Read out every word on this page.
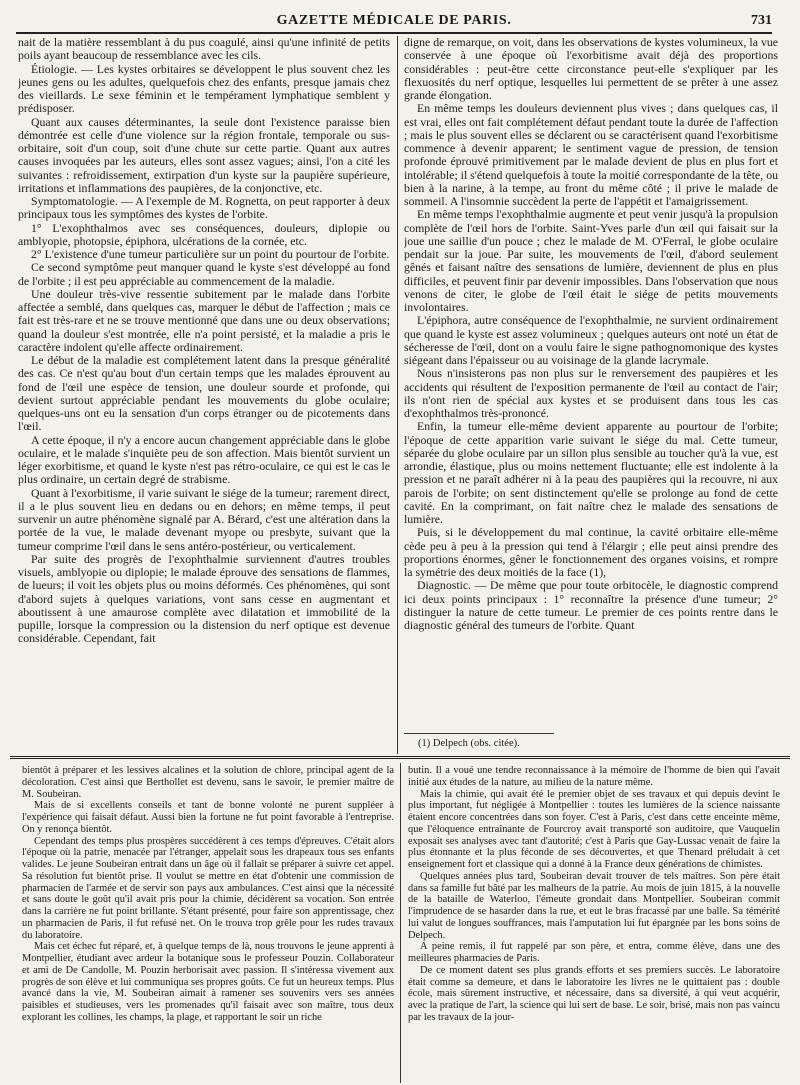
GAZETTE MÉDICALE DE PARIS.	731

nait de la matière ressemblant à du pus coagulé, ainsi qu'une infinité de petits poils ayant beaucoup de ressemblance avec les cils.

Étiologie. — Les kystes orbitaires se développent le plus souvent chez les jeunes gens ou les adultes, quelquefois chez des enfants, presque jamais chez des vieillards. Le sexe féminin et le tempérament lymphatique semblent y prédisposer.

Quant aux causes déterminantes, la seule dont l'existence paraisse bien démontrée est celle d'une violence sur la région frontale, temporale ou sus-orbitaire, soit d'un coup, soit d'une chute sur cette partie. Quant aux autres causes invoquées par les auteurs, elles sont assez vagues; ainsi, l'on a cité les suivantes : refroidissement, extirpation d'un kyste sur la paupière supérieure, irritations et inflammations des paupières, de la conjonctive, etc.

Symptomatologie. — A l'exemple de M. Rognetta, on peut rapporter à deux principaux tous les symptômes des kystes de l'orbite.

1° L'exophthalmos avec ses conséquences, douleurs, diplopie ou amblyopie, photopsie, épiphora, ulcérations de la cornée, etc.

2° L'existence d'une tumeur particulière sur un point du pourtour de l'orbite.

Ce second symptôme peut manquer quand le kyste s'est développé au fond de l'orbite ; il est peu appréciable au commencement de la maladie.

Une douleur très-vive ressentie subitement par le malade dans l'orbite affectée a semblé, dans quelques cas, marquer le début de l'affection ; mais ce fait est très-rare et ne se trouve mentionné que dans une ou deux observations; quand la douleur s'est montrée, elle n'a point persisté, et la maladie a pris le caractère indolent qu'elle affecte ordinairement.

Le début de la maladie est complétement latent dans la presque généralité des cas. Ce n'est qu'au bout d'un certain temps que les malades éprouvent au fond de l'œil une espèce de tension, une douleur sourde et profonde, qui devient surtout appréciable pendant les mouvements du globe oculaire; quelques-uns ont eu la sensation d'un corps étranger ou de picotements dans l'œil.

A cette époque, il n'y a encore aucun changement appréciable dans le globe oculaire, et le malade s'inquiète peu de son affection. Mais bientôt survient un léger exorbitisme, et quand le kyste n'est pas rétro-oculaire, ce qui est le cas le plus ordinaire, un certain degré de strabisme.

Quant à l'exorbitisme, il varie suivant le siége de la tumeur; rarement direct, il a le plus souvent lieu en dedans ou en dehors; en même temps, il peut survenir un autre phénomène signalé par A. Bérard, c'est une altération dans la portée de la vue, le malade devenant myope ou presbyte, suivant que la tumeur comprime l'œil dans le sens antéro-postérieur, ou verticalement.

Par suite des progrès de l'exophthalmie surviennent d'autres troubles visuels, amblyopie ou diplopie; le malade éprouve des sensations de flammes, de lueurs; il voit les objets plus ou moins déformés. Ces phénomènes, qui sont d'abord sujets à quelques variations, vont sans cesse en augmentant et aboutissent à une amaurose complète avec dilatation et immobilité de la pupille, lorsque la compression ou la distension du nerf optique est devenue considérable. Cependant, fait

digne de remarque, on voit, dans les observations de kystes volumineux, la vue conservée à une époque où l'exorbitisme avait déjà des proportions considérables : peut-être cette circonstance peut-elle s'expliquer par les flexuosités du nerf optique, lesquelles lui permettent de se prêter à une assez grande élongation.

En même temps les douleurs deviennent plus vives ; dans quelques cas, il est vrai, elles ont fait complétement défaut pendant toute la durée de l'affection ; mais le plus souvent elles se déclarent ou se caractérisent quand l'exorbitisme commence à devenir apparent; le sentiment vague de pression, de tension profonde éprouvé primitivement par le malade devient de plus en plus fort et intolérable; il s'étend quelquefois à toute la moitié correspondante de la tête, ou bien à la narine, à la tempe, au front du même côté ; il prive le malade de sommeil. A l'insomnie succèdent la perte de l'appétit et l'amaigrissement.

En même temps l'exophthalmie augmente et peut venir jusqu'à la propulsion complète de l'œil hors de l'orbite. Saint-Yves parle d'un œil qui faisait sur la joue une saillie d'un pouce ; chez le malade de M. O'Ferral, le globe oculaire pendait sur la joue. Par suite, les mouvements de l'œil, d'abord seulement gênés et faisant naître des sensations de lumière, deviennent de plus en plus difficiles, et peuvent finir par devenir impossibles. Dans l'observation que nous venons de citer, le globe de l'œil était le siége de petits mouvements involontaires.

L'épiphora, autre conséquence de l'exophthalmie, ne survient ordinairement que quand le kyste est assez volumineux ; quelques auteurs ont noté un état de sécheresse de l'œil, dont on a voulu faire le signe pathognomonique des kystes siégeant dans l'épaisseur ou au voisinage de la glande lacrymale.

Nous n'insisterons pas non plus sur le renversement des paupières et les accidents qui résultent de l'exposition permanente de l'œil au contact de l'air; ils n'ont rien de spécial aux kystes et se produisent dans tous les cas d'exophthalmos très-prononcé.

Enfin, la tumeur elle-même devient apparente au pourtour de l'orbite; l'époque de cette apparition varie suivant le siége du mal. Cette tumeur, séparée du globe oculaire par un sillon plus sensible au toucher qu'à la vue, est arrondie, élastique, plus ou moins nettement fluctuante; elle est indolente à la pression et ne paraît adhérer ni à la peau des paupières qui la recouvre, ni aux parois de l'orbite; on sent distinctement qu'elle se prolonge au fond de cette cavité. En la comprimant, on fait naître chez le malade des sensations de lumière.

Puis, si le développement du mal continue, la cavité orbitaire elle-même cède peu à peu à la pression qui tend à l'élargir ; elle peut ainsi prendre des proportions énormes, gêner le fonctionnement des organes voisins, et rompre la symétrie des deux moitiés de la face (1),

Diagnostic. — De même que pour toute orbitocèle, le diagnostic comprend ici deux points principaux : 1° reconnaître la présence d'une tumeur; 2° distinguer la nature de cette tumeur. Le premier de ces points rentre dans le diagnostic général des tumeurs de l'orbite. Quant

(1) Delpech (obs. citée).

bientôt à préparer et les lessives alcalines et la solution de chlore, principal agent de la décoloration. C'est ainsi que Berthollet est devenu, sans le savoir, le premier maître de M. Soubeiran.

Mais de si excellents conseils et tant de bonne volonté ne purent suppléer à l'expérience qui faisait défaut. Aussi bien la fortune ne fut point favorable à l'entreprise. On y renonça bientôt.

Cependant des temps plus prospères succédèrent à ces temps d'épreuves. C'était alors l'époque où la patrie, menacée par l'étranger, appelait sous les drapeaux tous ses enfants valides. Le jeune Soubeiran entrait dans un âge où il fallait se préparer à suivre cet appel. Sa résolution fut bientôt prise. Il voulut se mettre en état d'obtenir une commission de pharmacien de l'armée et de servir son pays aux ambulances. C'est ainsi que la nécessité et sans doute le goût qu'il avait pris pour la chimie, décidèrent sa vocation. Son entrée dans la carrière ne fut point brillante. S'étant présenté, pour faire son apprentissage, chez un pharmacien de Paris, il fut refusé net. On le trouva trop grêle pour les rudes travaux du laboratoire.

Mais cet échec fut réparé, et, à quelque temps de là, nous trouvons le jeune apprenti à Montpellier, étudiant avec ardeur la botanique sous le professeur Pouzin. Collaborateur et ami de De Candolle, M. Pouzin herborisait avec passion. Il s'intéressa vivement aux progrès de son élève et lui communiqua ses propres goûts. Ce fut un heureux temps. Plus avancé dans la vie, M. Soubeiran aimait à ramener ses souvenirs vers ses années paisibles et studieuses, vers les promenades qu'il faisait avec son maître, tous deux explorant les collines, les champs, la plage, et rapportant le soir un riche

butin. Il a voué une tendre reconnaissance à la mémoire de l'homme de bien qui l'avait initié aux études de la nature, au milieu de la nature même.

Mais la chimie, qui avait été le premier objet de ses travaux et qui depuis devint le plus important, fut négligée à Montpellier : toutes les lumières de la science naissante étaient encore concentrées dans son foyer. C'est à Paris, c'est dans cette enceinte même, que l'éloquence entraînante de Fourcroy avait transporté son auditoire, que Vauquelin exposait ses analyses avec tant d'autorité; c'est à Paris que Gay-Lussac venait de faire la plus étonnante et la plus féconde de ses découvertes, et que Thenard préludait à cet enseignement fort et classique qui a donné à la France deux générations de chimistes.

Quelques années plus tard, Soubeiran devait trouver de tels maîtres. Son père était dans sa famille fut bâté par les malheurs de la patrie. Au mois de juin 1815, à la nouvelle de la bataille de Waterloo, l'émeute grondait dans Montpellier. Soubeiran commit l'imprudence de se hasarder dans la rue, et eut le bras fracassé par une balle. Sa témérité lui valut de longues souffrances, mais l'amputation lui fut épargnée par les bons soins de Delpech.

A peine remis, il fut rappelé par son père, et entra, comme élève, dans une des meilleures pharmacies de Paris.

De ce moment datent ses plus grands efforts et ses premiers succès. Le laboratoire était comme sa demeure, et dans le laboratoire les livres ne le quittaient pas : double école, mais sûrement instructive, et nécessaire, dans sa diversité, à qui veut acquérir, avec la pratique de l'art, la science qui lui sert de base. Le soir, brisé, mais non pas vaincu par les travaux de la jour-
